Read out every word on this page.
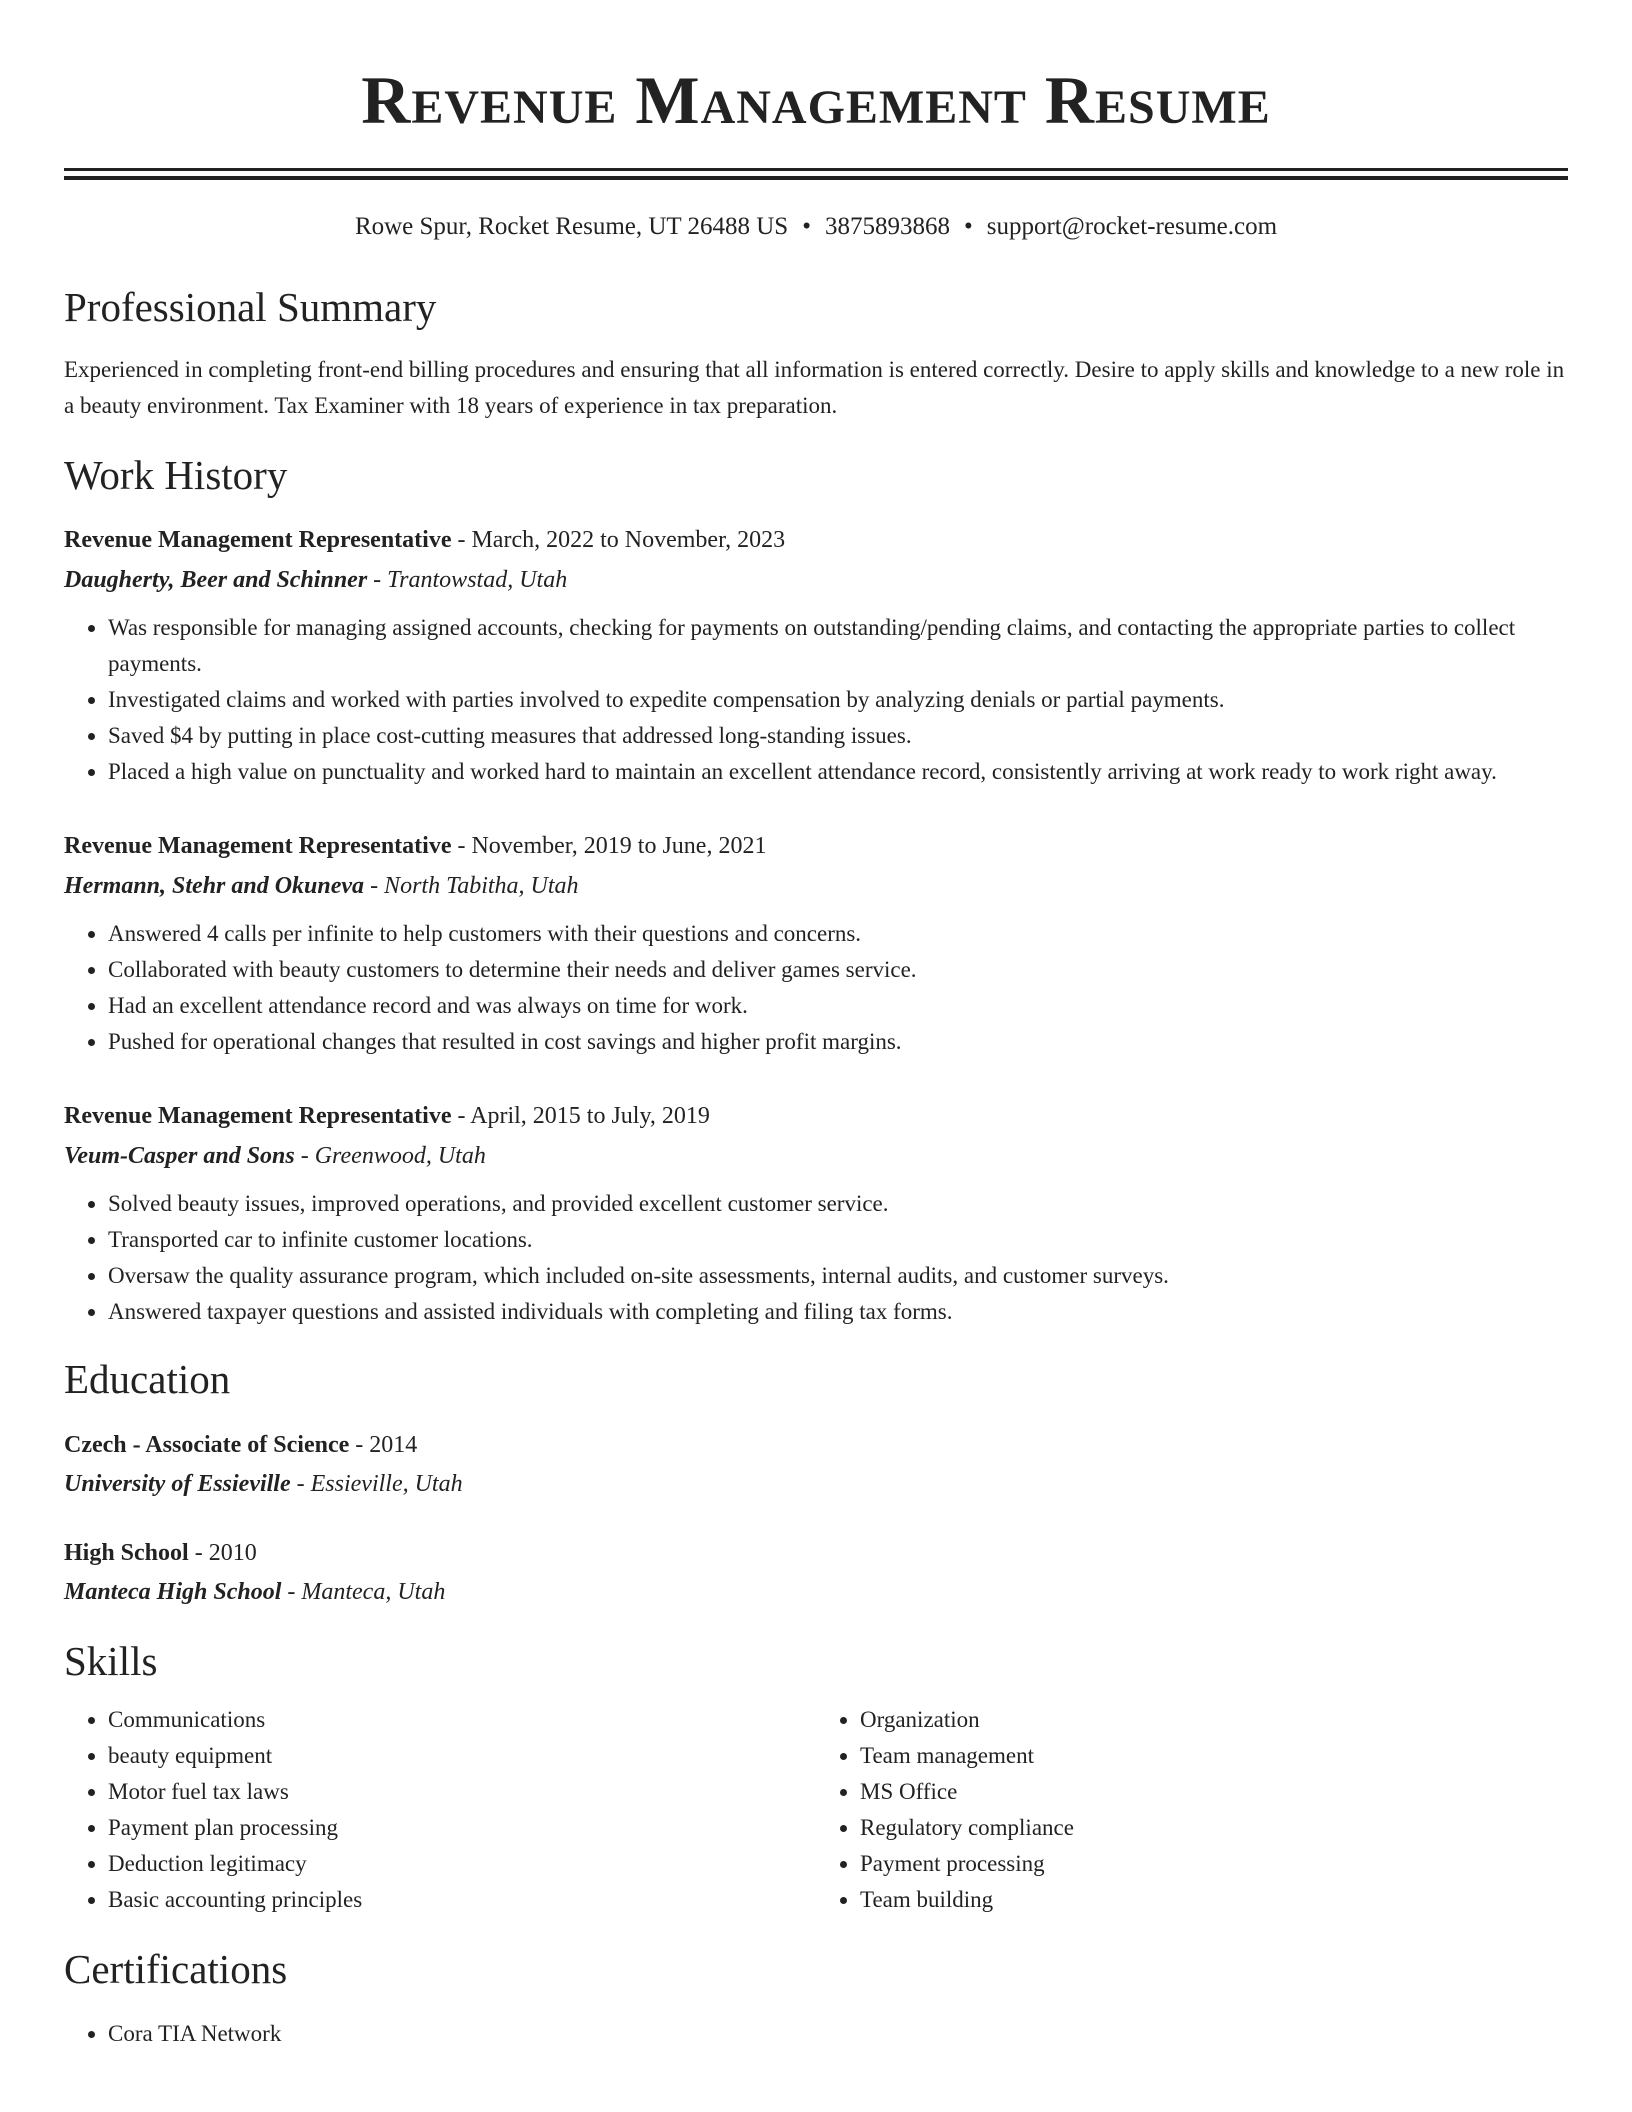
Revenue Management Resume
Rowe Spur, Rocket Resume, UT 26488 US • 3875893868 • support@rocket-resume.com
Professional Summary

Experienced in completing front-end billing procedures and ensuring that all information is entered correctly. Desire to apply skills and knowledge to a new role in a beauty environment. Tax Examiner with 18 years of experience in tax preparation.

Work History
Revenue Management Representative - March, 2022 to November, 2023
Daugherty, Beer and Schinner - Trantowstad, Utah
• Was responsible for managing assigned accounts, checking for payments on outstanding/pending claims, and contacting the appropriate parties to collect payments.
• Investigated claims and worked with parties involved to expedite compensation by analyzing denials or partial payments.
• Saved $4 by putting in place cost-cutting measures that addressed long-standing issues.
• Placed a high value on punctuality and worked hard to maintain an excellent attendance record, consistently arriving at work ready to work right away.
Revenue Management Representative - November, 2019 to June, 2021
Hermann, Stehr and Okuneva - North Tabitha, Utah
• Answered 4 calls per infinite to help customers with their questions and concerns.
• Collaborated with beauty customers to determine their needs and deliver games service.
• Had an excellent attendance record and was always on time for work.
• Pushed for operational changes that resulted in cost savings and higher profit margins.
Revenue Management Representative - April, 2015 to July, 2019
Veum-Casper and Sons - Greenwood, Utah
• Solved beauty issues, improved operations, and provided excellent customer service.
• Transported car to infinite customer locations.
• Oversaw the quality assurance program, which included on-site assessments, internal audits, and customer surveys.
• Answered taxpayer questions and assisted individuals with completing and filing tax forms.
Education
Czech - Associate of Science - 2014
University of Essieville - Essieville, Utah
High School - 2010
Manteca High School - Manteca, Utah
Skills
• Communications
• beauty equipment
• Motor fuel tax laws
• Payment plan processing
• Deduction legitimacy
• Basic accounting principles
• Organization
• Team management
• MS Office
• Regulatory compliance
• Payment processing
• Team building
Certifications
• Cora TIA Network
